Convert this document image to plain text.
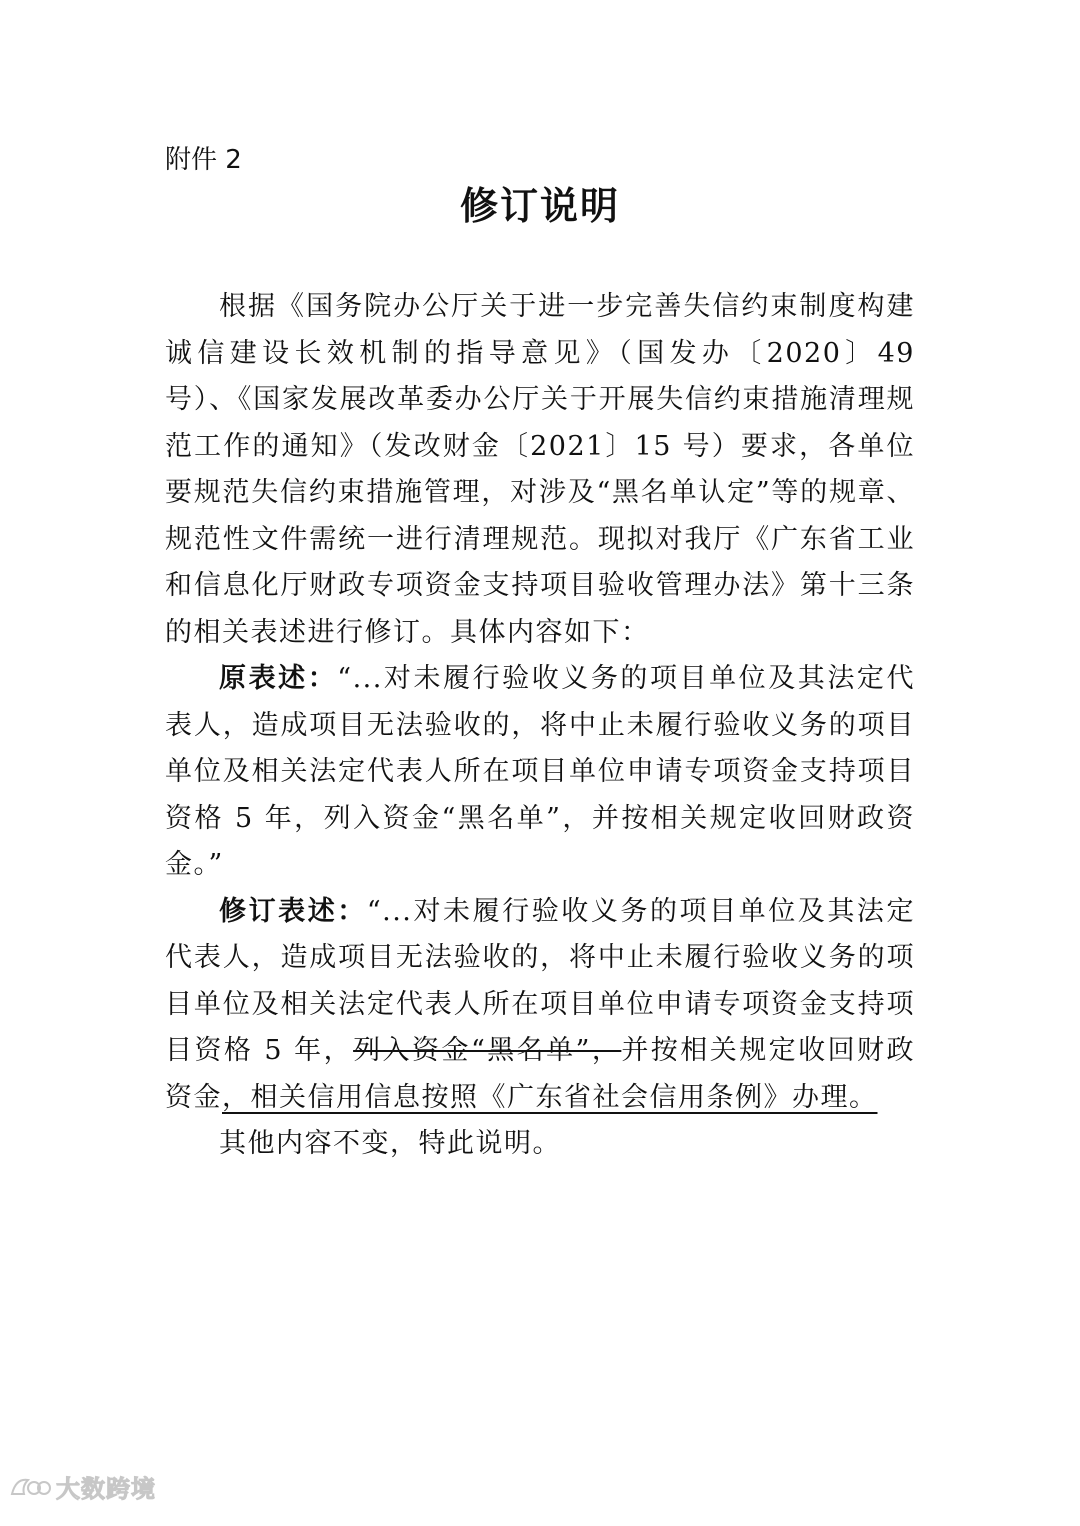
附件 2
修订说明

根据《国务院办公厅关于进一步完善失信约束制度构建诚信建设长效机制的指导意见》（国发办〔2020〕49 号）、《国家发展改革委办公厅关于开展失信约束措施清理规范工作的通知》（发改财金〔2021〕15 号）要求，各单位要规范失信约束措施管理，对涉及“黑名单认定”等的规章、规范性文件需统一进行清理规范。现拟对我厅《广东省工业和信息化厅财政专项资金支持项目验收管理办法》第十三条的相关表述进行修订。具体内容如下：

原表述：“...对未履行验收义务的项目单位及其法定代表人，造成项目无法验收的，将中止未履行验收义务的项目单位及相关法定代表人所在项目单位申请专项资金支持项目资格 5 年，列入资金“黑名单”，并按相关规定收回财政资金。”

修订表述：“...对未履行验收义务的项目单位及其法定代表人，造成项目无法验收的，将中止未履行验收义务的项目单位及相关法定代表人所在项目单位申请专项资金支持项目资格 5 年，列入资金“黑名单”，并按相关规定收回财政资金，相关信用信息按照《广东省社会信用条例》办理。

其他内容不变，特此说明。

大数跨境
